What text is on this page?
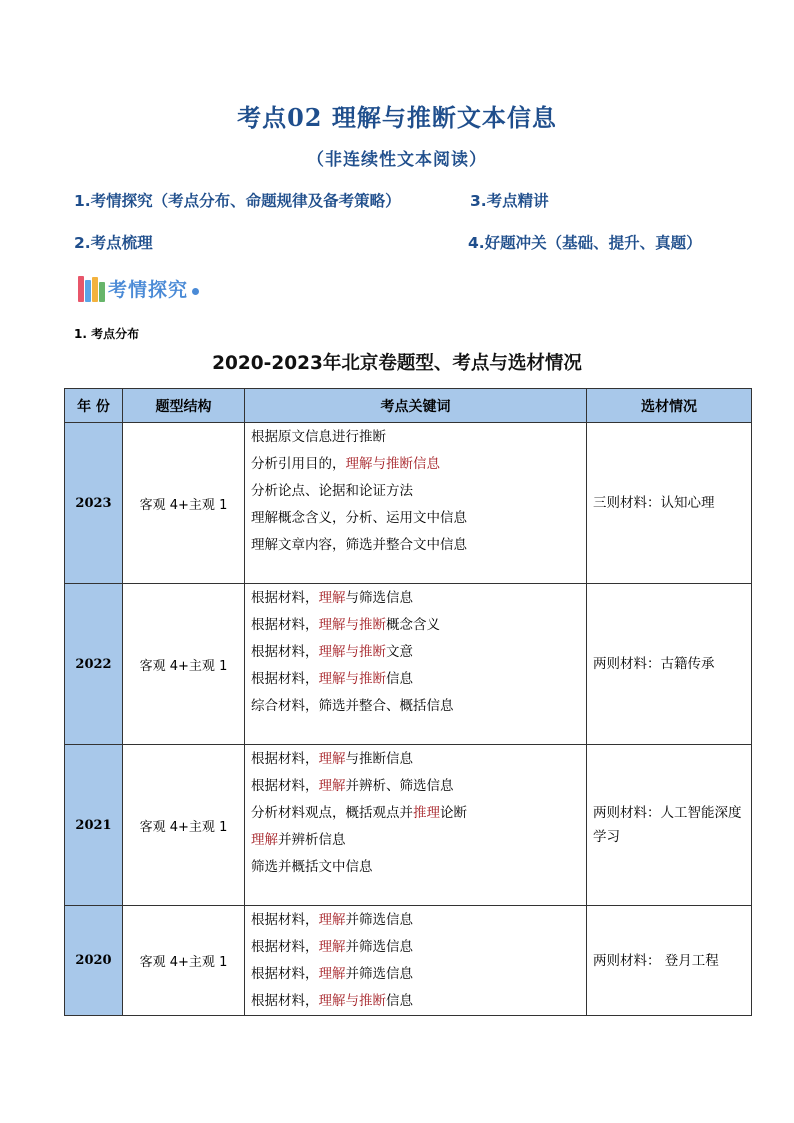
考点02 理解与推断文本信息
（非连续性文本阅读）
1.考情探究（考点分布、命题规律及备考策略）	3.考点精讲
2.考点梳理	4.好题冲关（基础、提升、真题）
考情探究
1. 考点分布
2020-2023年北京卷题型、考点与选材情况
年 份	题型结构	考点关键词	选材情况
2023	客观 4+主观 1	根据原文信息进行推断
分析引用目的，理解与推断信息
分析论点、论据和论证方法
理解概念含义，分析、运用文中信息
理解文章内容，筛选并整合文中信息	三则材料：认知心理
2022	客观 4+主观 1	根据材料，理解与筛选信息
根据材料，理解与推断概念含义
根据材料，理解与推断文意
根据材料，理解与推断信息
综合材料，筛选并整合、概括信息	两则材料：古籍传承
2021	客观 4+主观 1	根据材料，理解与推断信息
根据材料，理解并辨析、筛选信息
分析材料观点，概括观点并推理论断
理解并辨析信息
筛选并概括文中信息	两则材料：人工智能深度学习
2020	客观 4+主观 1	根据材料，理解并筛选信息
根据材料，理解并筛选信息
根据材料，理解并筛选信息
根据材料，理解与推断信息	两则材料： 登月工程
